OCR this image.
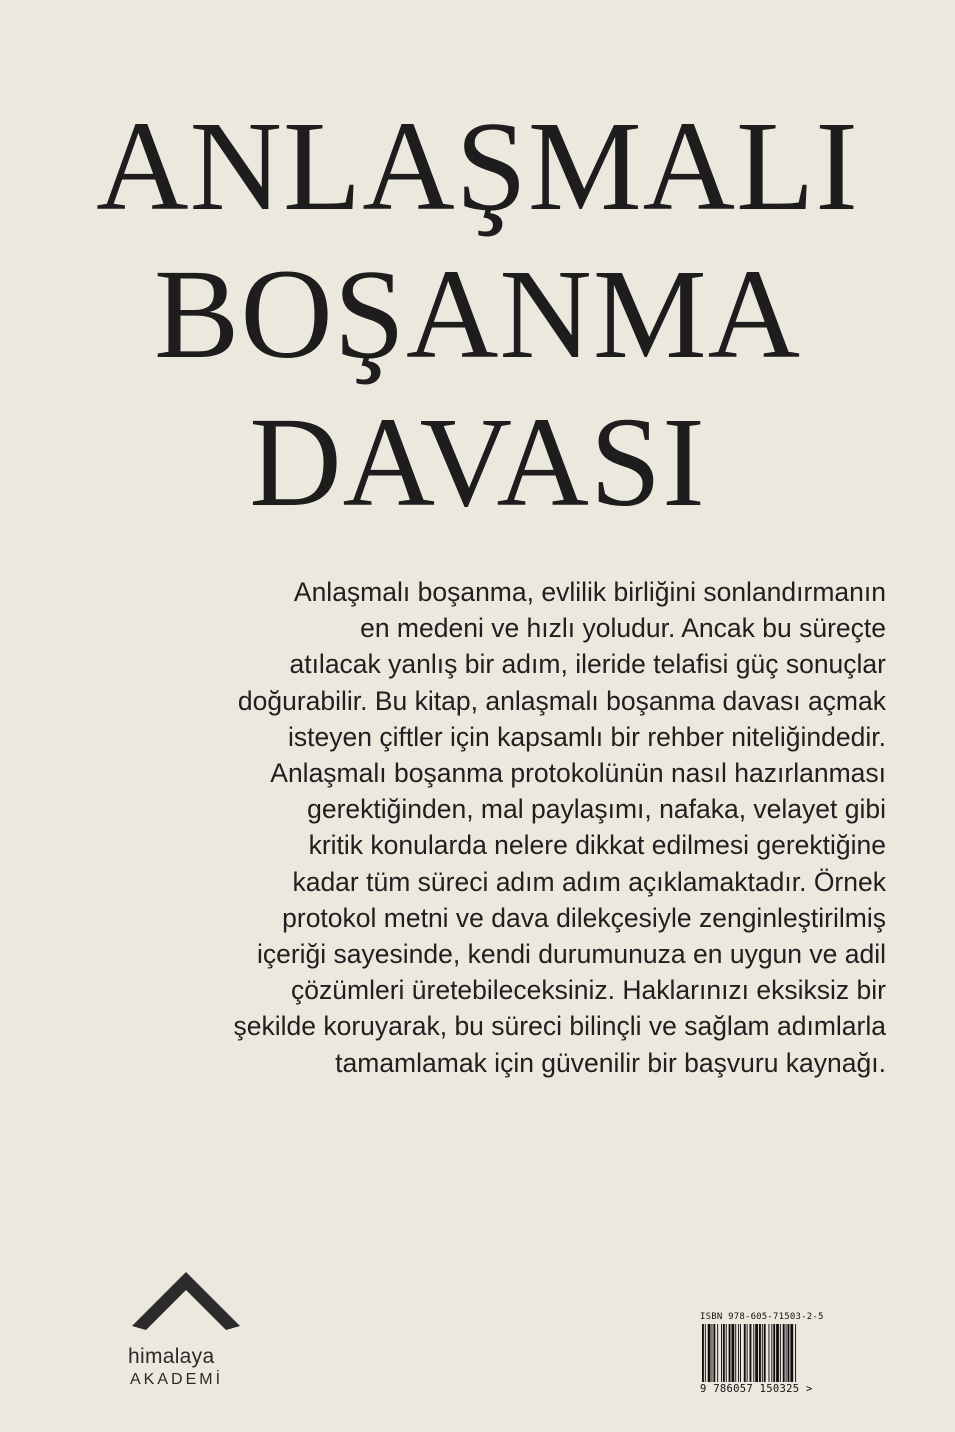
ANLAŞMALI
BOŞANMA
DAVASI
Anlaşmalı boşanma, evlilik birliğini sonlandırmanın
en medeni ve hızlı yoludur. Ancak bu süreçte
atılacak yanlış bir adım, ileride telafisi güç sonuçlar
doğurabilir. Bu kitap, anlaşmalı boşanma davası açmak
isteyen çiftler için kapsamlı bir rehber niteliğindedir.
Anlaşmalı boşanma protokolünün nasıl hazırlanması
gerektiğinden, mal paylaşımı, nafaka, velayet gibi
kritik konularda nelere dikkat edilmesi gerektiğine
kadar tüm süreci adım adım açıklamaktadır. Örnek
protokol metni ve dava dilekçesiyle zenginleştirilmiş
içeriği sayesinde, kendi durumunuza en uygun ve adil
çözümleri üretebileceksiniz. Haklarınızı eksiksiz bir
şekilde koruyarak, bu süreci bilinçli ve sağlam adımlarla
tamamlamak için güvenilir bir başvuru kaynağı.
himalaya
AKADEMİ
ISBN 978-605-71503-2-5
9 786057 150325 >
